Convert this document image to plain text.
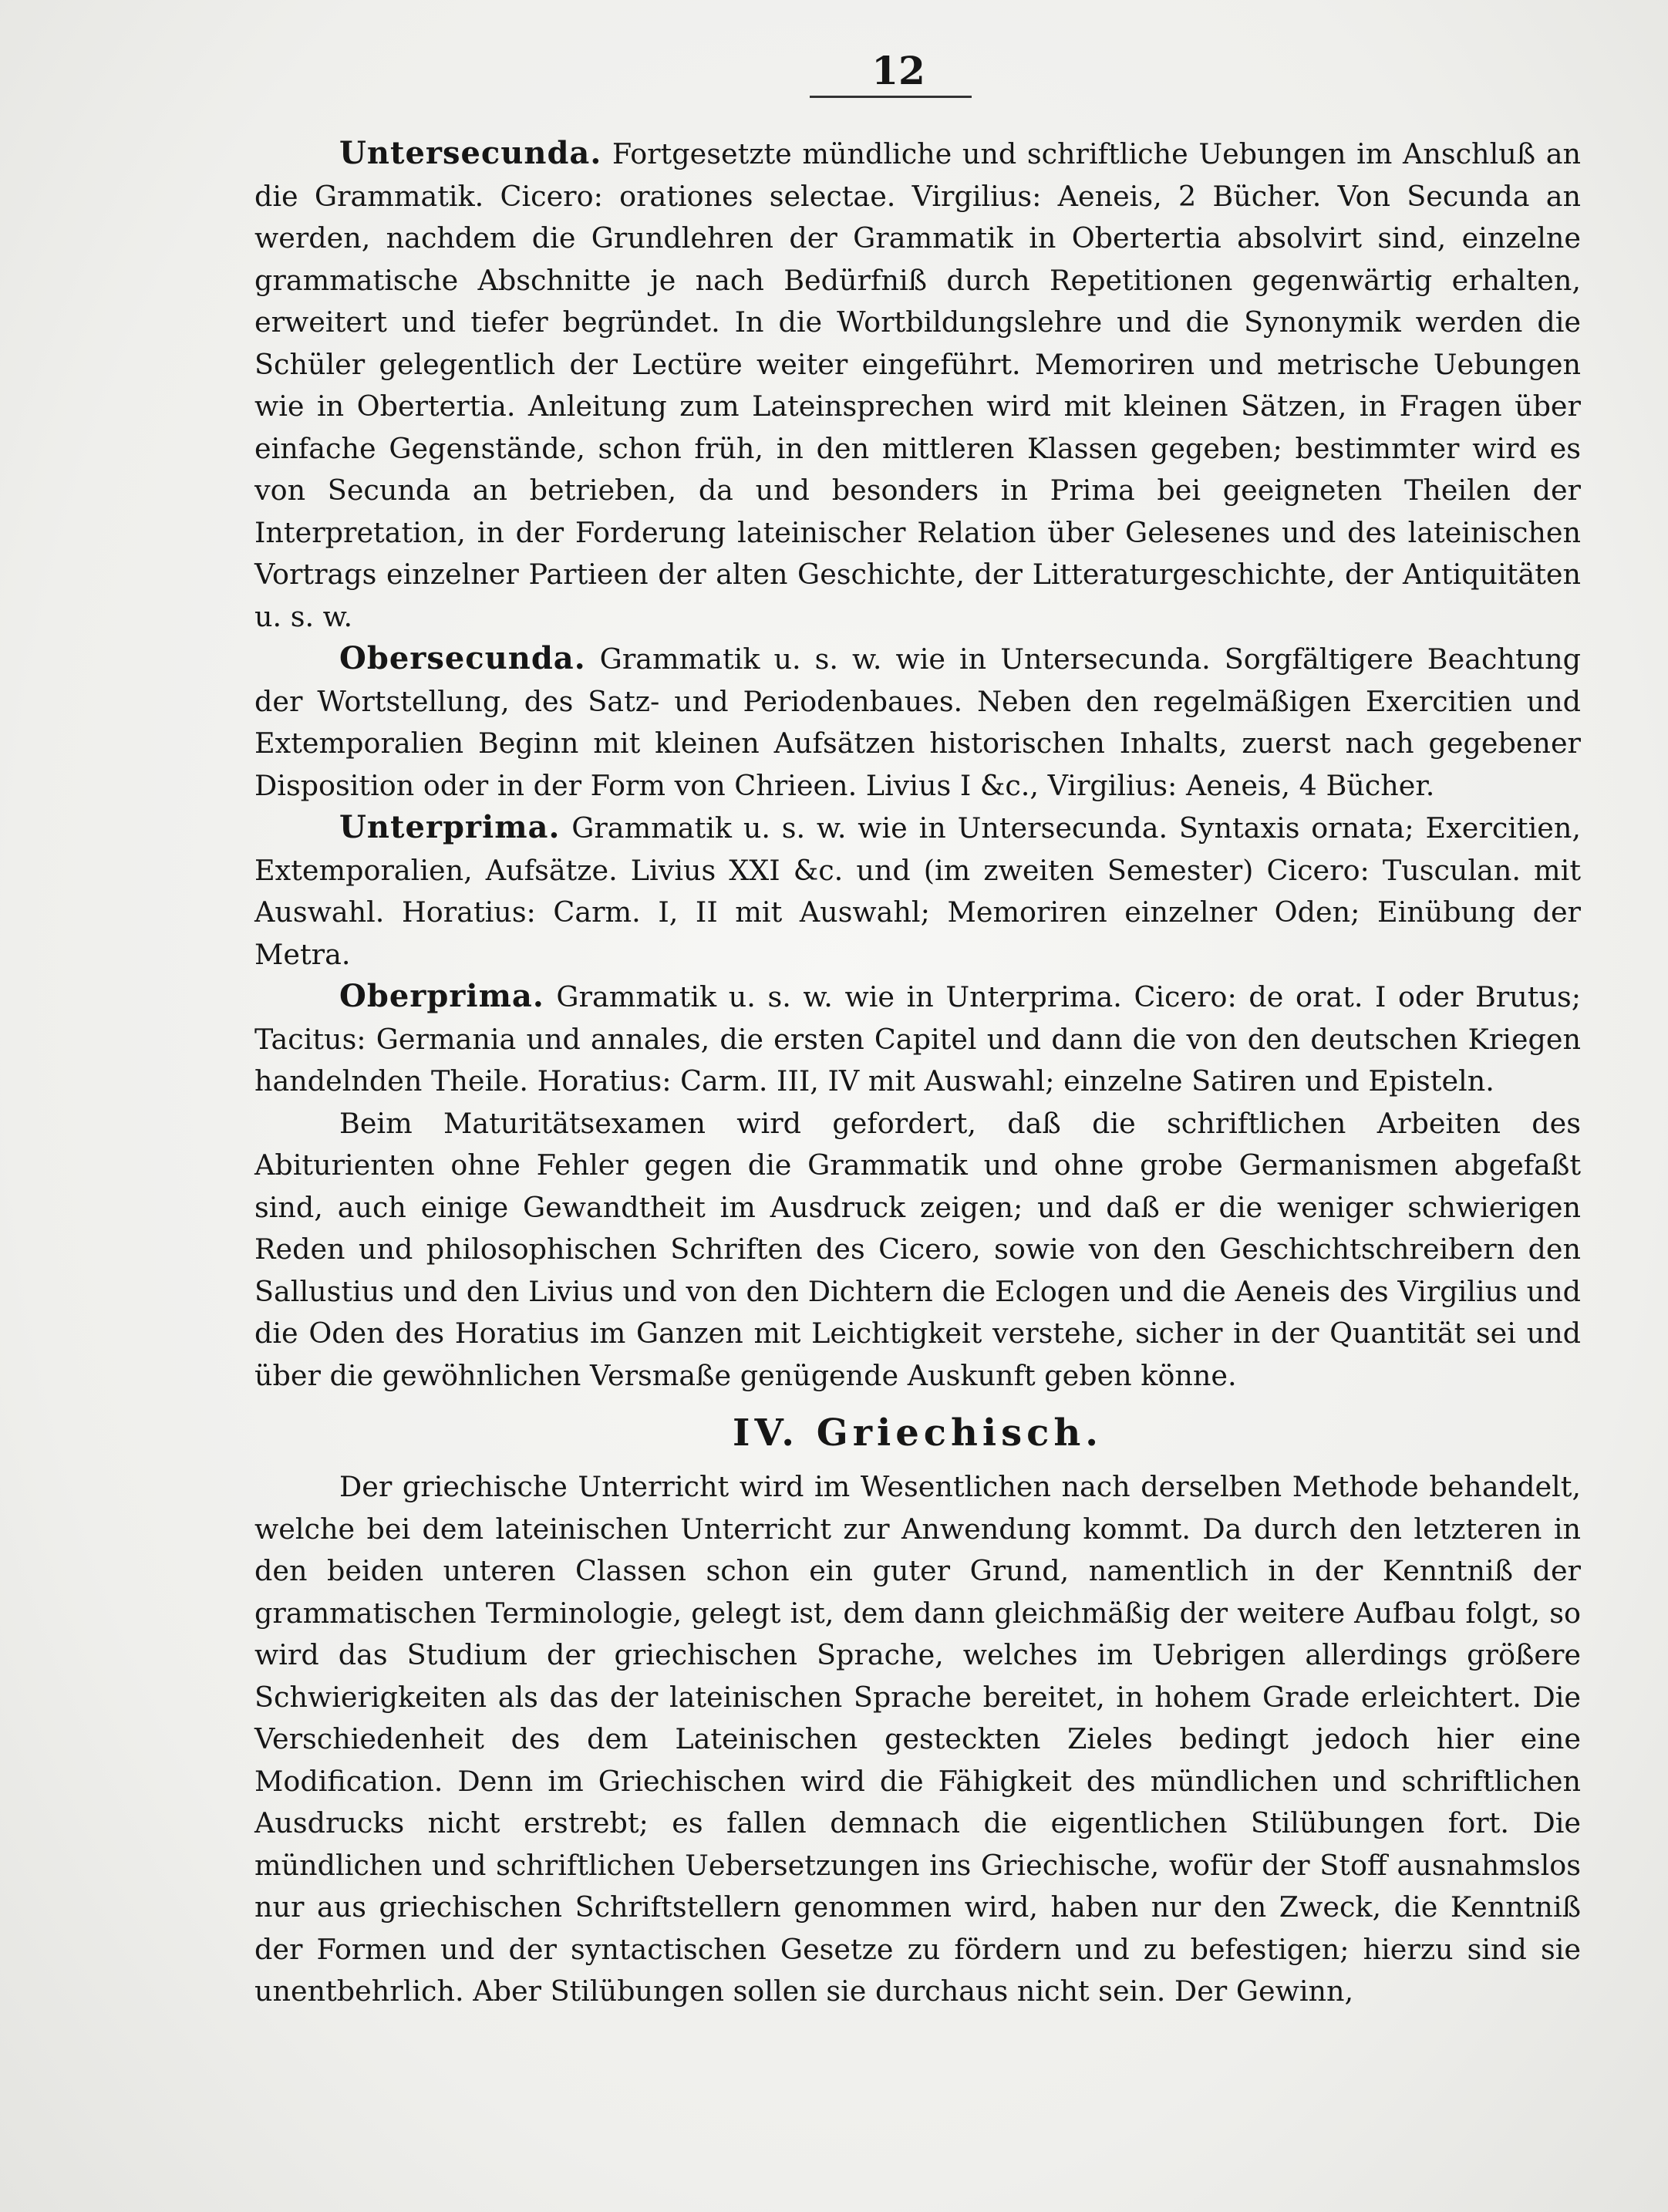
12

Untersecunda. Fortgesetzte mündliche und schriftliche Uebungen im Anschluß an die Grammatik. Cicero: orationes selectae. Virgilius: Aeneis, 2 Bücher. Von Secunda an werden, nachdem die Grundlehren der Grammatik in Obertertia absolvirt sind, einzelne grammatische Abschnitte je nach Bedürfniß durch Repetitionen gegenwärtig erhalten, erweitert und tiefer begründet. In die Wortbildungslehre und die Synonymik werden die Schüler gelegentlich der Lectüre weiter eingeführt. Memoriren und metrische Uebungen wie in Obertertia. Anleitung zum Lateinsprechen wird mit kleinen Sätzen, in Fragen über einfache Gegenstände, schon früh, in den mittleren Klassen gegeben; bestimmter wird es von Secunda an betrieben, da und besonders in Prima bei geeigneten Theilen der Interpretation, in der Forderung lateinischer Relation über Gelesenes und des lateinischen Vortrags einzelner Partieen der alten Geschichte, der Litteraturgeschichte, der Antiquitäten u. s. w.

Obersecunda. Grammatik u. s. w. wie in Untersecunda. Sorgfältigere Beachtung der Wortstellung, des Satz- und Periodenbaues. Neben den regelmäßigen Exercitien und Extemporalien Beginn mit kleinen Aufsätzen historischen Inhalts, zuerst nach gegebener Disposition oder in der Form von Chrieen. Livius I &c., Virgilius: Aeneis, 4 Bücher.

Unterprima. Grammatik u. s. w. wie in Untersecunda. Syntaxis ornata; Exercitien, Extemporalien, Aufsätze. Livius XXI &c. und (im zweiten Semester) Cicero: Tusculan. mit Auswahl. Horatius: Carm. I, II mit Auswahl; Memoriren einzelner Oden; Einübung der Metra.

Oberprima. Grammatik u. s. w. wie in Unterprima. Cicero: de orat. I oder Brutus; Tacitus: Germania und annales, die ersten Capitel und dann die von den deutschen Kriegen handelnden Theile. Horatius: Carm. III, IV mit Auswahl; einzelne Satiren und Episteln.

Beim Maturitätsexamen wird gefordert, daß die schriftlichen Arbeiten des Abiturienten ohne Fehler gegen die Grammatik und ohne grobe Germanismen abgefaßt sind, auch einige Gewandtheit im Ausdruck zeigen; und daß er die weniger schwierigen Reden und philosophischen Schriften des Cicero, sowie von den Geschichtschreibern den Sallustius und den Livius und von den Dichtern die Eclogen und die Aeneis des Virgilius und die Oden des Horatius im Ganzen mit Leichtigkeit verstehe, sicher in der Quantität sei und über die gewöhnlichen Versmaße genügende Auskunft geben könne.

IV. Griechisch.

Der griechische Unterricht wird im Wesentlichen nach derselben Methode behandelt, welche bei dem lateinischen Unterricht zur Anwendung kommt. Da durch den letzteren in den beiden unteren Classen schon ein guter Grund, namentlich in der Kenntniß der grammatischen Terminologie, gelegt ist, dem dann gleichmäßig der weitere Aufbau folgt, so wird das Studium der griechischen Sprache, welches im Uebrigen allerdings größere Schwierigkeiten als das der lateinischen Sprache bereitet, in hohem Grade erleichtert. Die Verschiedenheit des dem Lateinischen gesteckten Zieles bedingt jedoch hier eine Modification. Denn im Griechischen wird die Fähigkeit des mündlichen und schriftlichen Ausdrucks nicht erstrebt; es fallen demnach die eigentlichen Stilübungen fort. Die mündlichen und schriftlichen Uebersetzungen ins Griechische, wofür der Stoff ausnahmslos nur aus griechischen Schriftstellern genommen wird, haben nur den Zweck, die Kenntniß der Formen und der syntactischen Gesetze zu fördern und zu befestigen; hierzu sind sie unentbehrlich. Aber Stilübungen sollen sie durchaus nicht sein. Der Gewinn,
